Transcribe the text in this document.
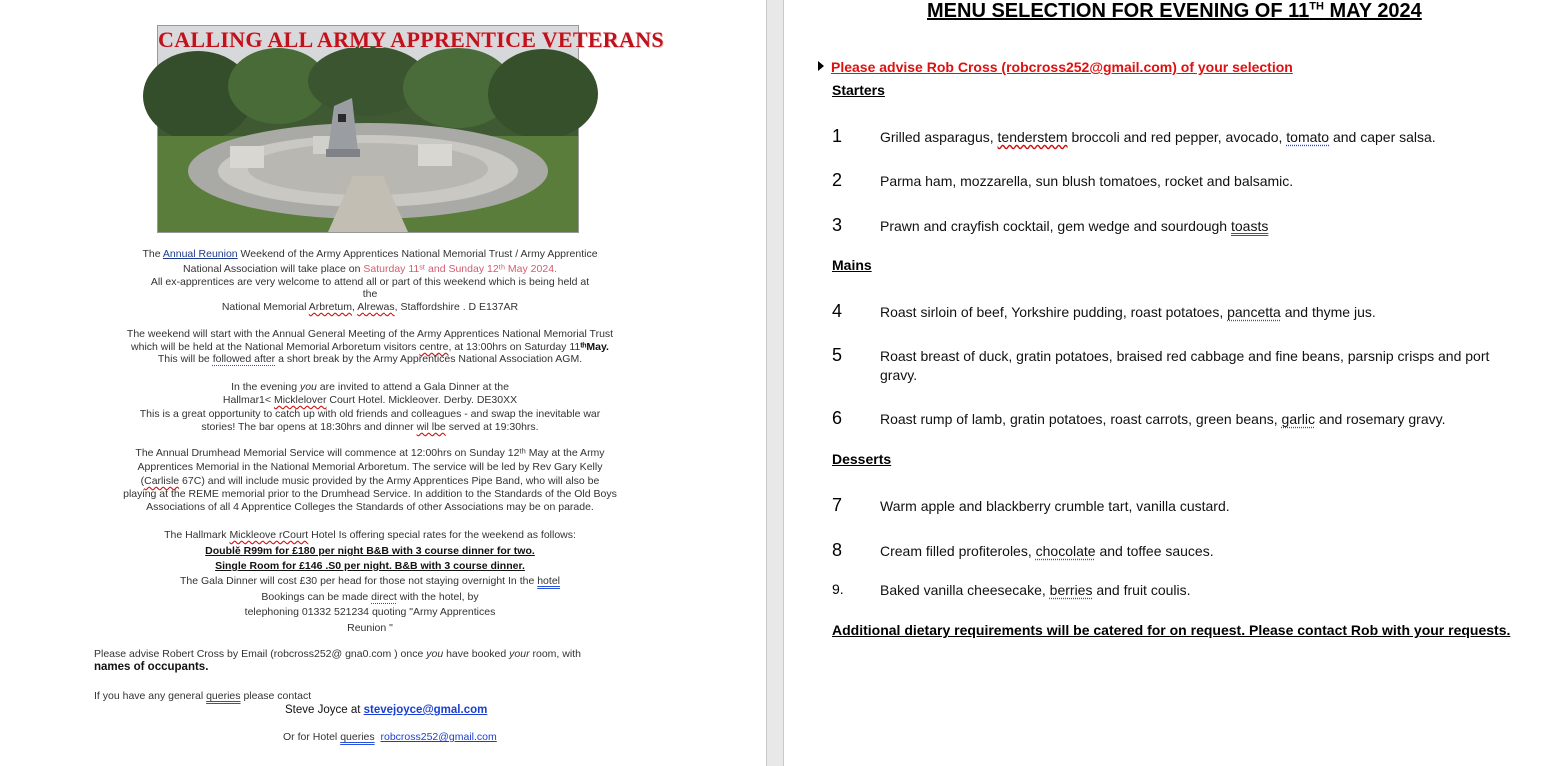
CALLING ALL ARMY APPRENTICE VETERANS
The Annual Reunion Weekend of the Army Apprentices National Memorial Trust / Army Apprentice
National Association will take place on Saturday 11ˢᵗ and Sunday 12ᵗʰ May 2024.
All ex-apprentices are very welcome to attend all or part of this weekend which is being held at
the
National Memorial Arbretum, Alrewas, Staffordshire . D E137AR
The weekend will start with the Annual General Meeting of the Army Apprentices National Memorial Trust
which will be held at the National Memorial Arboretum visitors centre, at 13:00hrs on Saturday 11ᵗʰMay.
This will be followed after a short break by the Army Apprentices National Association AGM.
In the evening you are invited to attend a Gala Dinner at the
Hallmar1< Micklelover Court Hotel. Mickleover. Derby. DE30XX
This is a great opportunity to catch up with old friends and colleagues - and swap the inevitable war
stories! The bar opens at 18:30hrs and dinner wil lbe served at 19:30hrs.
The Annual Drumhead Memorial Service will commence at 12:00hrs on Sunday 12ᵗʰ May at the Army
Apprentices Memorial in the National Memorial Arboretum. The service will be led by Rev Gary Kelly
(Carlisle 67C) and will include music provided by the Army Apprentices Pipe Band, who will also be
playing at the REME memorial prior to the Drumhead Service. In addition to the Standards of the Old Boys
Associations of all 4 Apprentice Colleges the Standards of other Associations may be on parade.
The Hallmark Mickleove rCourt Hotel Is offering special rates for the weekend as follows:
Doublĕ R99m for £180 per night B&B with 3 course dinner for two.
Single Room for £146 .S0 per night. B&B with 3 course dinner.
The Gala Dinner will cost £30 per head for those not staying overnight In the hotel
Bookings can be made direct with the hotel, by
telephoning 01332 521234 quoting "Army Apprentices
Reunion "
Please advise Robert Cross by Email (robcross252@ gna0.com ) once you have booked your room, with
names of occupants.
If you have any general queries please contact
Steve Joyce at stevejoyce@gmal.com
Or for Hotel queries robcross252@gmail.com
MENU SELECTION FOR EVENING OF 11TH MAY 2024
Please advise Rob Cross (robcross252@gmail.com) of your selection
Starters
Mains
Desserts
1	Grilled asparagus, tenderstem broccoli and red pepper, avocado, tomato and caper salsa.
2	Parma ham, mozzarella, sun blush tomatoes, rocket and balsamic.
3	Prawn and crayfish cocktail, gem wedge and sourdough toasts
4	Roast sirloin of beef, Yorkshire pudding, roast potatoes, pancetta and thyme jus.
5	Roast breast of duck, gratin potatoes, braised red cabbage and fine beans, parsnip crisps and port gravy.
6	Roast rump of lamb, gratin potatoes, roast carrots, green beans, garlic and rosemary gravy.
7	Warm apple and blackberry crumble tart, vanilla custard.
8	Cream filled profiteroles, chocolate and toffee sauces.
9.	Baked vanilla cheesecake, berries and fruit coulis.
Additional dietary requirements will be catered for on request. Please contact Rob with your requests.
